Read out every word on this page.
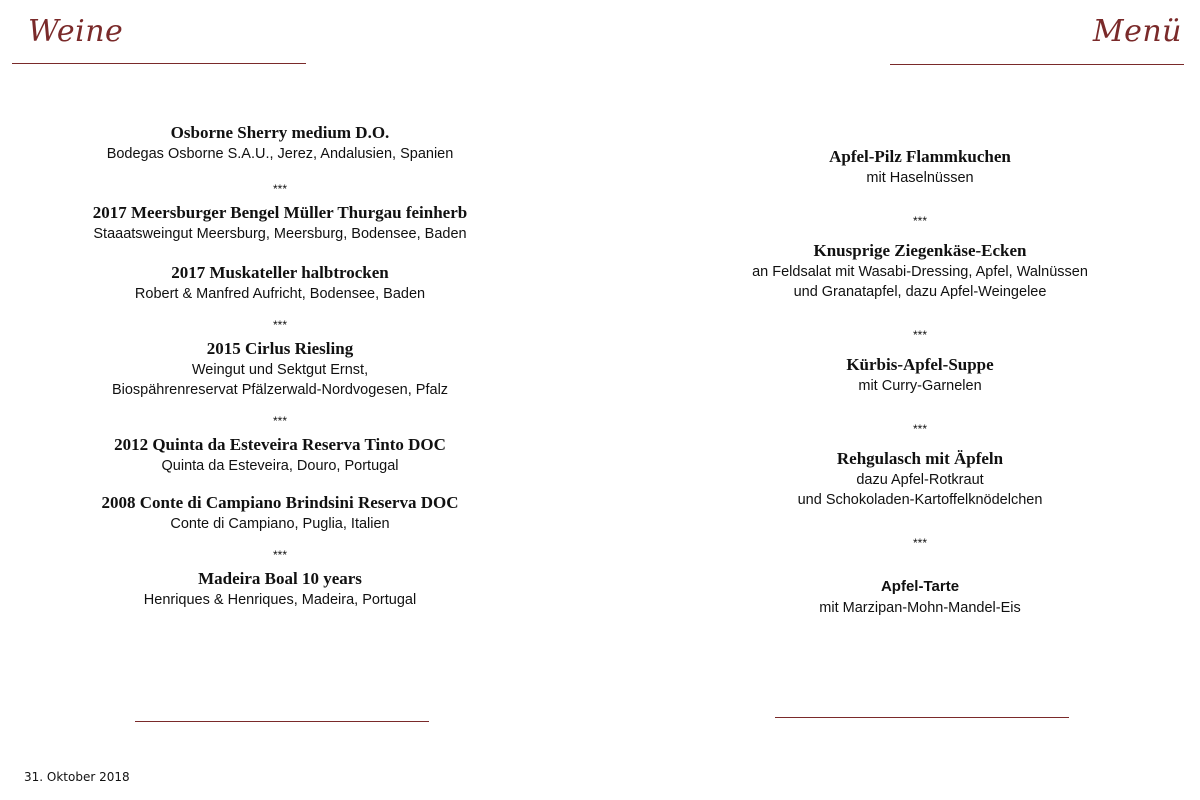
Weine	Menü
Osborne Sherry medium D.O.
Bodegas Osborne S.A.U., Jerez, Andalusien, Spanien
***
2017 Meersburger Bengel Müller Thurgau feinherb
Staaatsweingut Meersburg, Meersburg, Bodensee, Baden
2017 Muskateller halbtrocken
Robert & Manfred Aufricht, Bodensee, Baden
***
2015 Cirlus Riesling
Weingut und Sektgut Ernst,
Biospährenreservat Pfälzerwald-Nordvogesen, Pfalz
***
2012 Quinta da Esteveira Reserva Tinto DOC
Quinta da Esteveira, Douro, Portugal
2008 Conte di Campiano Brindsini Reserva DOC
Conte di Campiano, Puglia, Italien
***
Madeira Boal 10 years
Henriques & Henriques, Madeira, Portugal
Apfel-Pilz Flammkuchen
mit Haselnüssen
***
Knusprige Ziegenkäse-Ecken
an Feldsalat mit Wasabi-Dressing, Apfel, Walnüssen
und Granatapfel, dazu Apfel-Weingelee
***
Kürbis-Apfel-Suppe
mit Curry-Garnelen
***
Rehgulasch mit Äpfeln
dazu Apfel-Rotkraut
und Schokoladen-Kartoffelknödelchen
***
Apfel-Tarte
mit Marzipan-Mohn-Mandel-Eis
31. Oktober 2018
